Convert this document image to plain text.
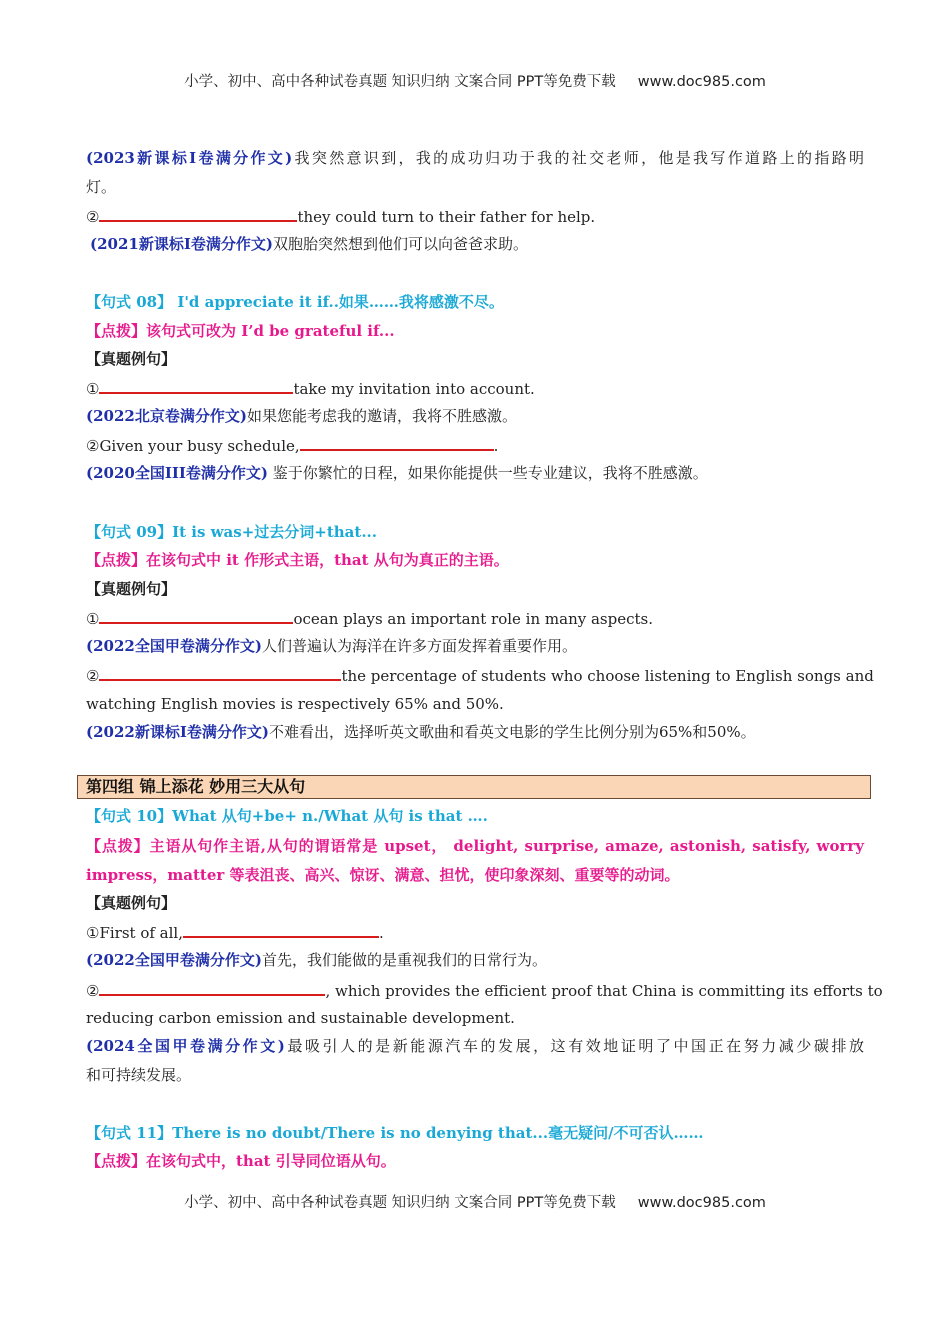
小学、初中、高中各种试卷真题 知识归纳 文案合同 PPT等免费下载 www.doc985.com
(2023新课标I卷满分作文)我突然意识到，我的成功归功于我的社交老师，他是我写作道路上的指路明
灯。
②	they could turn to their father for help.
(2021新课标I卷满分作文)双胞胎突然想到他们可以向爸爸求助。
【句式 08】 I'd appreciate it if..如果……我将感激不尽。
【点拨】该句式可改为 I’d be grateful if...
【真题例句】
①	take my invitation into account.
(2022北京卷满分作文)如果您能考虑我的邀请，我将不胜感激。
②Given your busy schedule,	.
(2020全国III卷满分作文) 鉴于你繁忙的日程，如果你能提供一些专业建议，我将不胜感激。
【句式 09】It is was+过去分词+that...
【点拨】在该句式中 it 作形式主语，that 从句为真正的主语。
【真题例句】
①	ocean plays an important role in many aspects.
(2022全国甲卷满分作文)人们普遍认为海洋在许多方面发挥着重要作用。
②	the percentage of students who choose listening to English songs and
watching English movies is respectively 65% and 50%.
(2022新课标I卷满分作文)不难看出，选择听英文歌曲和看英文电影的学生比例分别为65%和50%。
第四组 锦上添花 妙用三大从句
【句式 10】What 从句+be+ n./What 从句 is that ….
【点拨】主语从句作主语,从句的谓语常是 upset， delight, surprise, amaze, astonish, satisfy, worry
impress，matter 等表沮丧、高兴、惊讶、满意、担忧，使印象深刻、重要等的动词。
【真题例句】
①First of all,	.
(2022全国甲卷满分作文)首先，我们能做的是重视我们的日常行为。
②	, which provides the efficient proof that China is committing its efforts to
reducing carbon emission and sustainable development.
(2024全国甲卷满分作文)最吸引人的是新能源汽车的发展，这有效地证明了中国正在努力减少碳排放
和可持续发展。
【句式 11】There is no doubt/There is no denying that...毫无疑问/不可否认……
【点拨】在该句式中，that 引导同位语从句。
小学、初中、高中各种试卷真题 知识归纳 文案合同 PPT等免费下载 www.doc985.com
